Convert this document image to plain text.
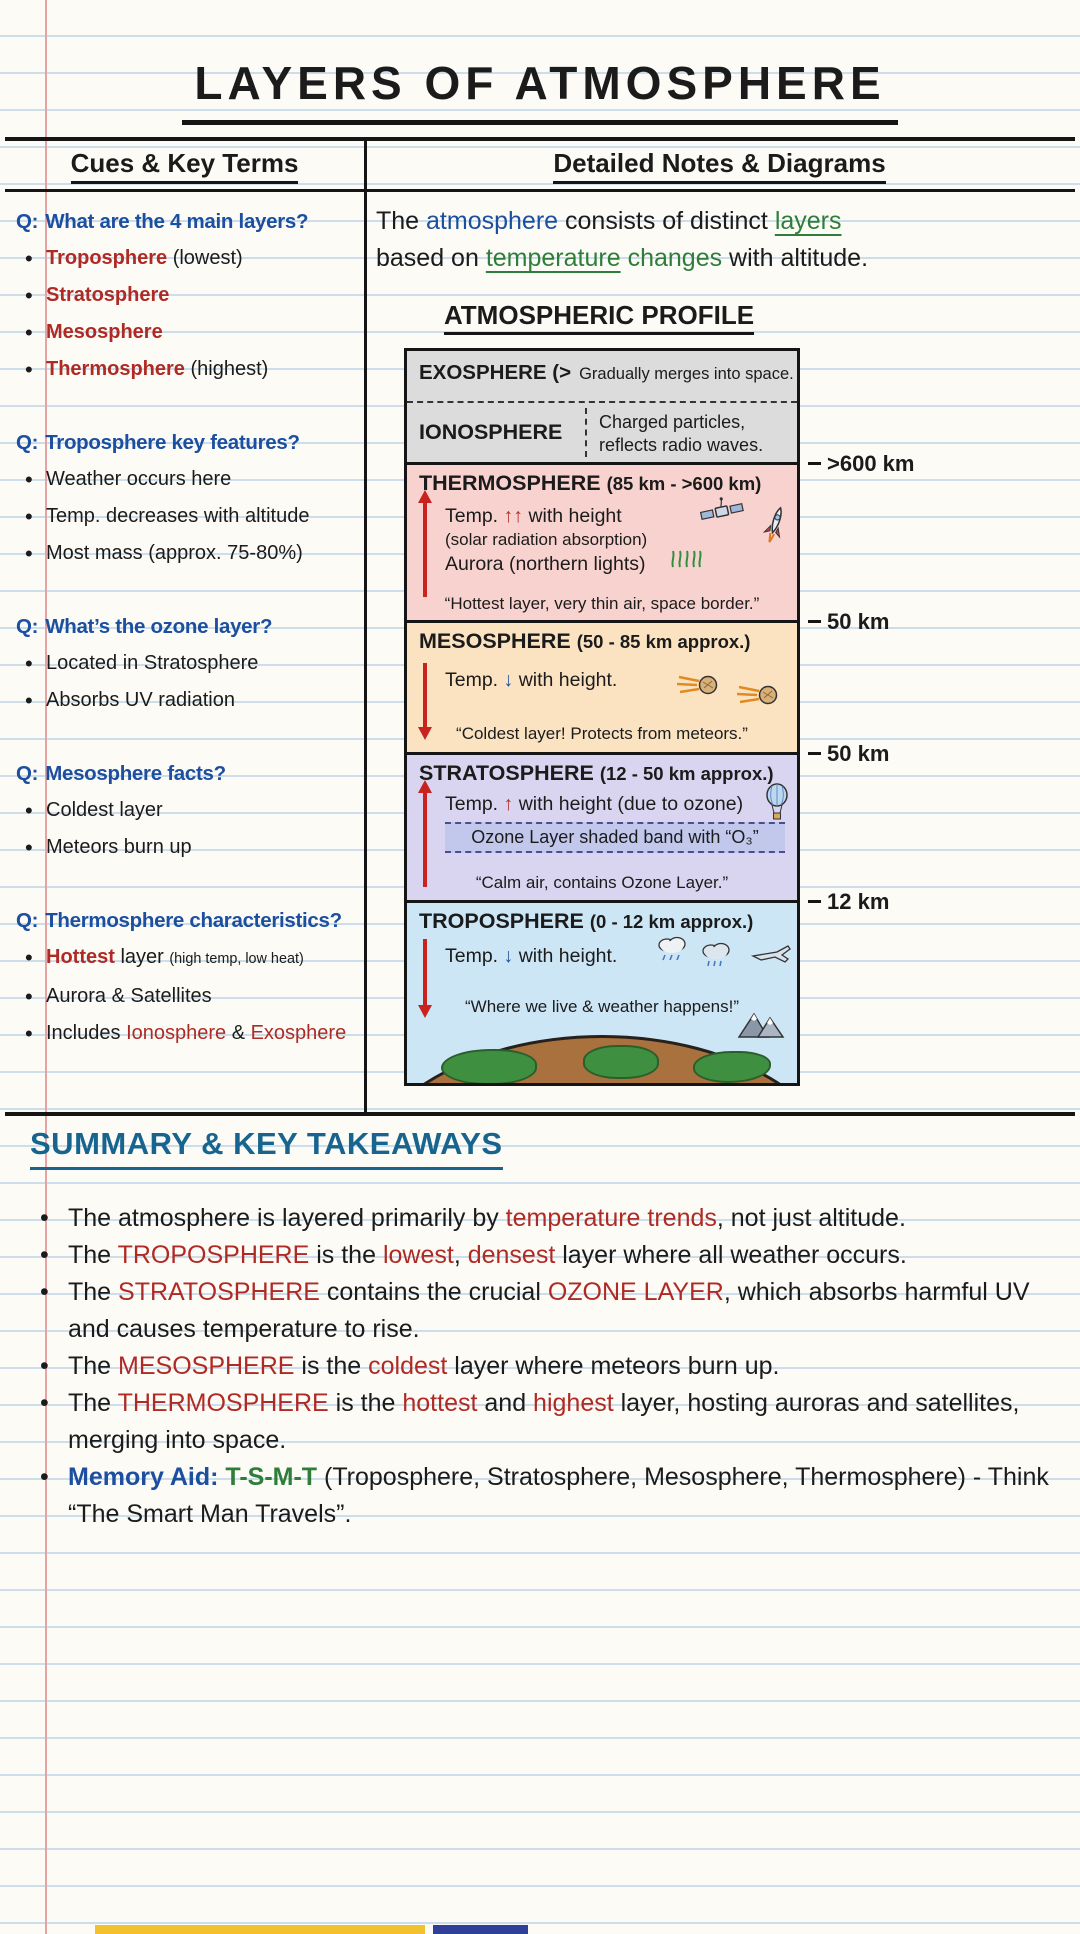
LAYERS OF ATMOSPHERE
Cues & Key Terms	Detailed Notes & Diagrams
Q: What are the 4 main layers?
• Troposphere (lowest)
• Stratosphere
• Mesosphere
• Thermosphere (highest)
Q: Troposphere key features?
• Weather occurs here
• Temp. decreases with altitude
• Most mass (approx. 75-80%)
Q: What’s the ozone layer?
• Located in Stratosphere
• Absorbs UV radiation
Q: Mesosphere facts?
• Coldest layer
• Meteors burn up
Q: Thermosphere characteristics?
• Hottest layer (high temp, low heat)
• Aurora & Satellites
• Includes Ionosphere & Exosphere
The atmosphere consists of distinct layers
based on temperature changes with altitude.
ATMOSPHERIC PROFILE
EXOSPHERE (> Gradually merges into space.
IONOSPHERE Charged particles,
reflects radio waves.
THERMOSPHERE (85 km - >600 km)
Temp. ↑↑ with height
(solar radiation absorption)
Aurora (northern lights)
“Hottest layer, very thin air, space border.”
MESOSPHERE (50 - 85 km approx.)
Temp. ↓ with height.
“Coldest layer! Protects from meteors.”
STRATOSPHERE (12 - 50 km approx.)
Temp. ↑ with height (due to ozone)
Ozone Layer shaded band with “O₃”
“Calm air, contains Ozone Layer.”
TROPOSPHERE (0 - 12 km approx.)
Temp. ↓ with height.
“Where we live & weather happens!”
>600 km
50 km
50 km
12 km
SUMMARY & KEY TAKEAWAYS
• The atmosphere is layered primarily by temperature trends, not just altitude.
• The TROPOSPHERE is the lowest, densest layer where all weather occurs.
• The STRATOSPHERE contains the crucial OZONE LAYER, which absorbs harmful UV and causes temperature to rise.
• The MESOSPHERE is the coldest layer where meteors burn up.
• The THERMOSPHERE is the hottest and highest layer, hosting auroras and satellites, merging into space.
• Memory Aid: T-S-M-T (Troposphere, Stratosphere, Mesosphere, Thermosphere) - Think “The Smart Man Travels”.
